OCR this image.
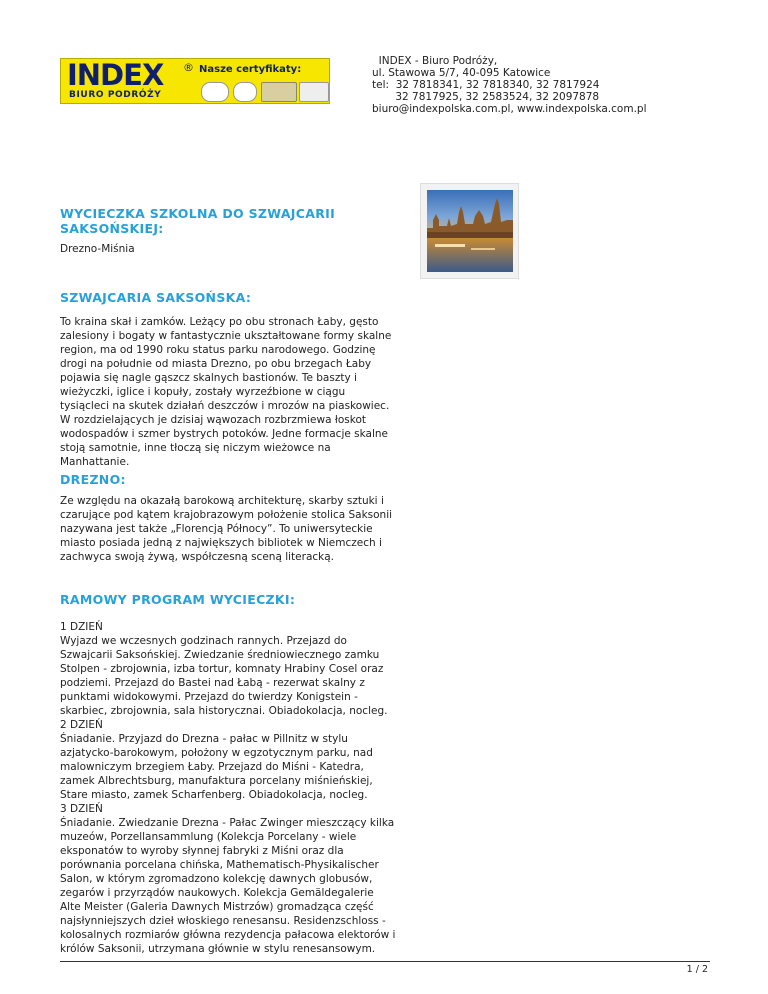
INDEX ®
BIURO PODRÓŻY
Nasze certyfikaty:
INDEX - Biuro Podróży,
ul. Stawowa 5/7, 40-095 Katowice
tel:  32 7818341, 32 7818340, 32 7817924
32 7817925, 32 2583524, 32 2097878
biuro@indexpolska.com.pl, www.indexpolska.com.pl
WYCIECZKA SZKOLNA DO SZWAJCARII
SAKSOŃSKIEJ:

Drezno-Miśnia

SZWAJCARIA SAKSOŃSKA:

To kraina skał i zamków. Leżący po obu stronach Łaby, gęsto
zalesiony i bogaty w fantastycznie ukształtowane formy skalne
region, ma od 1990 roku status parku narodowego. Godzinę
drogi na południe od miasta Drezno, po obu brzegach Łaby
pojawia się nagle gąszcz skalnych bastionów. Te baszty i
wieżyczki, iglice i kopuły, zostały wyrzeźbione w ciągu
tysiącleci na skutek działań deszczów i mrozów na piaskowiec.
W rozdzielających je dzisiaj wąwozach rozbrzmiewa łoskot
wodospadów i szmer bystrych potoków. Jedne formacje skalne
stoją samotnie, inne tłoczą się niczym wieżowce na
Manhattanie.

DREZNO:

Ze względu na okazałą barokową architekturę, skarby sztuki i
czarujące pod kątem krajobrazowym położenie stolica Saksonii
nazywana jest także „Florencją Północy”. To uniwersyteckie
miasto posiada jedną z największych bibliotek w Niemczech i
zachwyca swoją żywą, współczesną sceną literacką.

RAMOWY PROGRAM WYCIECZKI:

1 DZIEŃ
Wyjazd we wczesnych godzinach rannych. Przejazd do
Szwajcarii Saksońskiej. Zwiedzanie średniowiecznego zamku
Stolpen - zbrojownia, izba tortur, komnaty Hrabiny Cosel oraz
podziemi. Przejazd do Bastei nad Łabą - rezerwat skalny z
punktami widokowymi. Przejazd do twierdzy Konigstein -
skarbiec, zbrojownia, sala historycznai. Obiadokolacja, nocleg.
2 DZIEŃ
Śniadanie. Przyjazd do Drezna - pałac w Pillnitz w stylu
azjatycko-barokowym, położony w egzotycznym parku, nad
malowniczym brzegiem Łaby. Przejazd do Miśni - Katedra,
zamek Albrechtsburg, manufaktura porcelany miśnieńskiej,
Stare miasto, zamek Scharfenberg. Obiadokolacja, nocleg.
3 DZIEŃ
Śniadanie. Zwiedzanie Drezna - Pałac Zwinger mieszczący kilka
muzeów, Porzellansammlung (Kolekcja Porcelany - wiele
eksponatów to wyroby słynnej fabryki z Miśni oraz dla
porównania porcelana chińska, Mathematisch-Physikalischer
Salon, w którym zgromadzono kolekcję dawnych globusów,
zegarów i przyrządów naukowych. Kolekcja Gemäldegalerie
Alte Meister (Galeria Dawnych Mistrzów) gromadząca część
najsłynniejszych dzieł włoskiego renesansu. Residenzschloss -
kolosalnych rozmiarów główna rezydencja pałacowa elektorów i
królów Saksonii, utrzymana głównie w stylu renesansowym.

1 / 2
